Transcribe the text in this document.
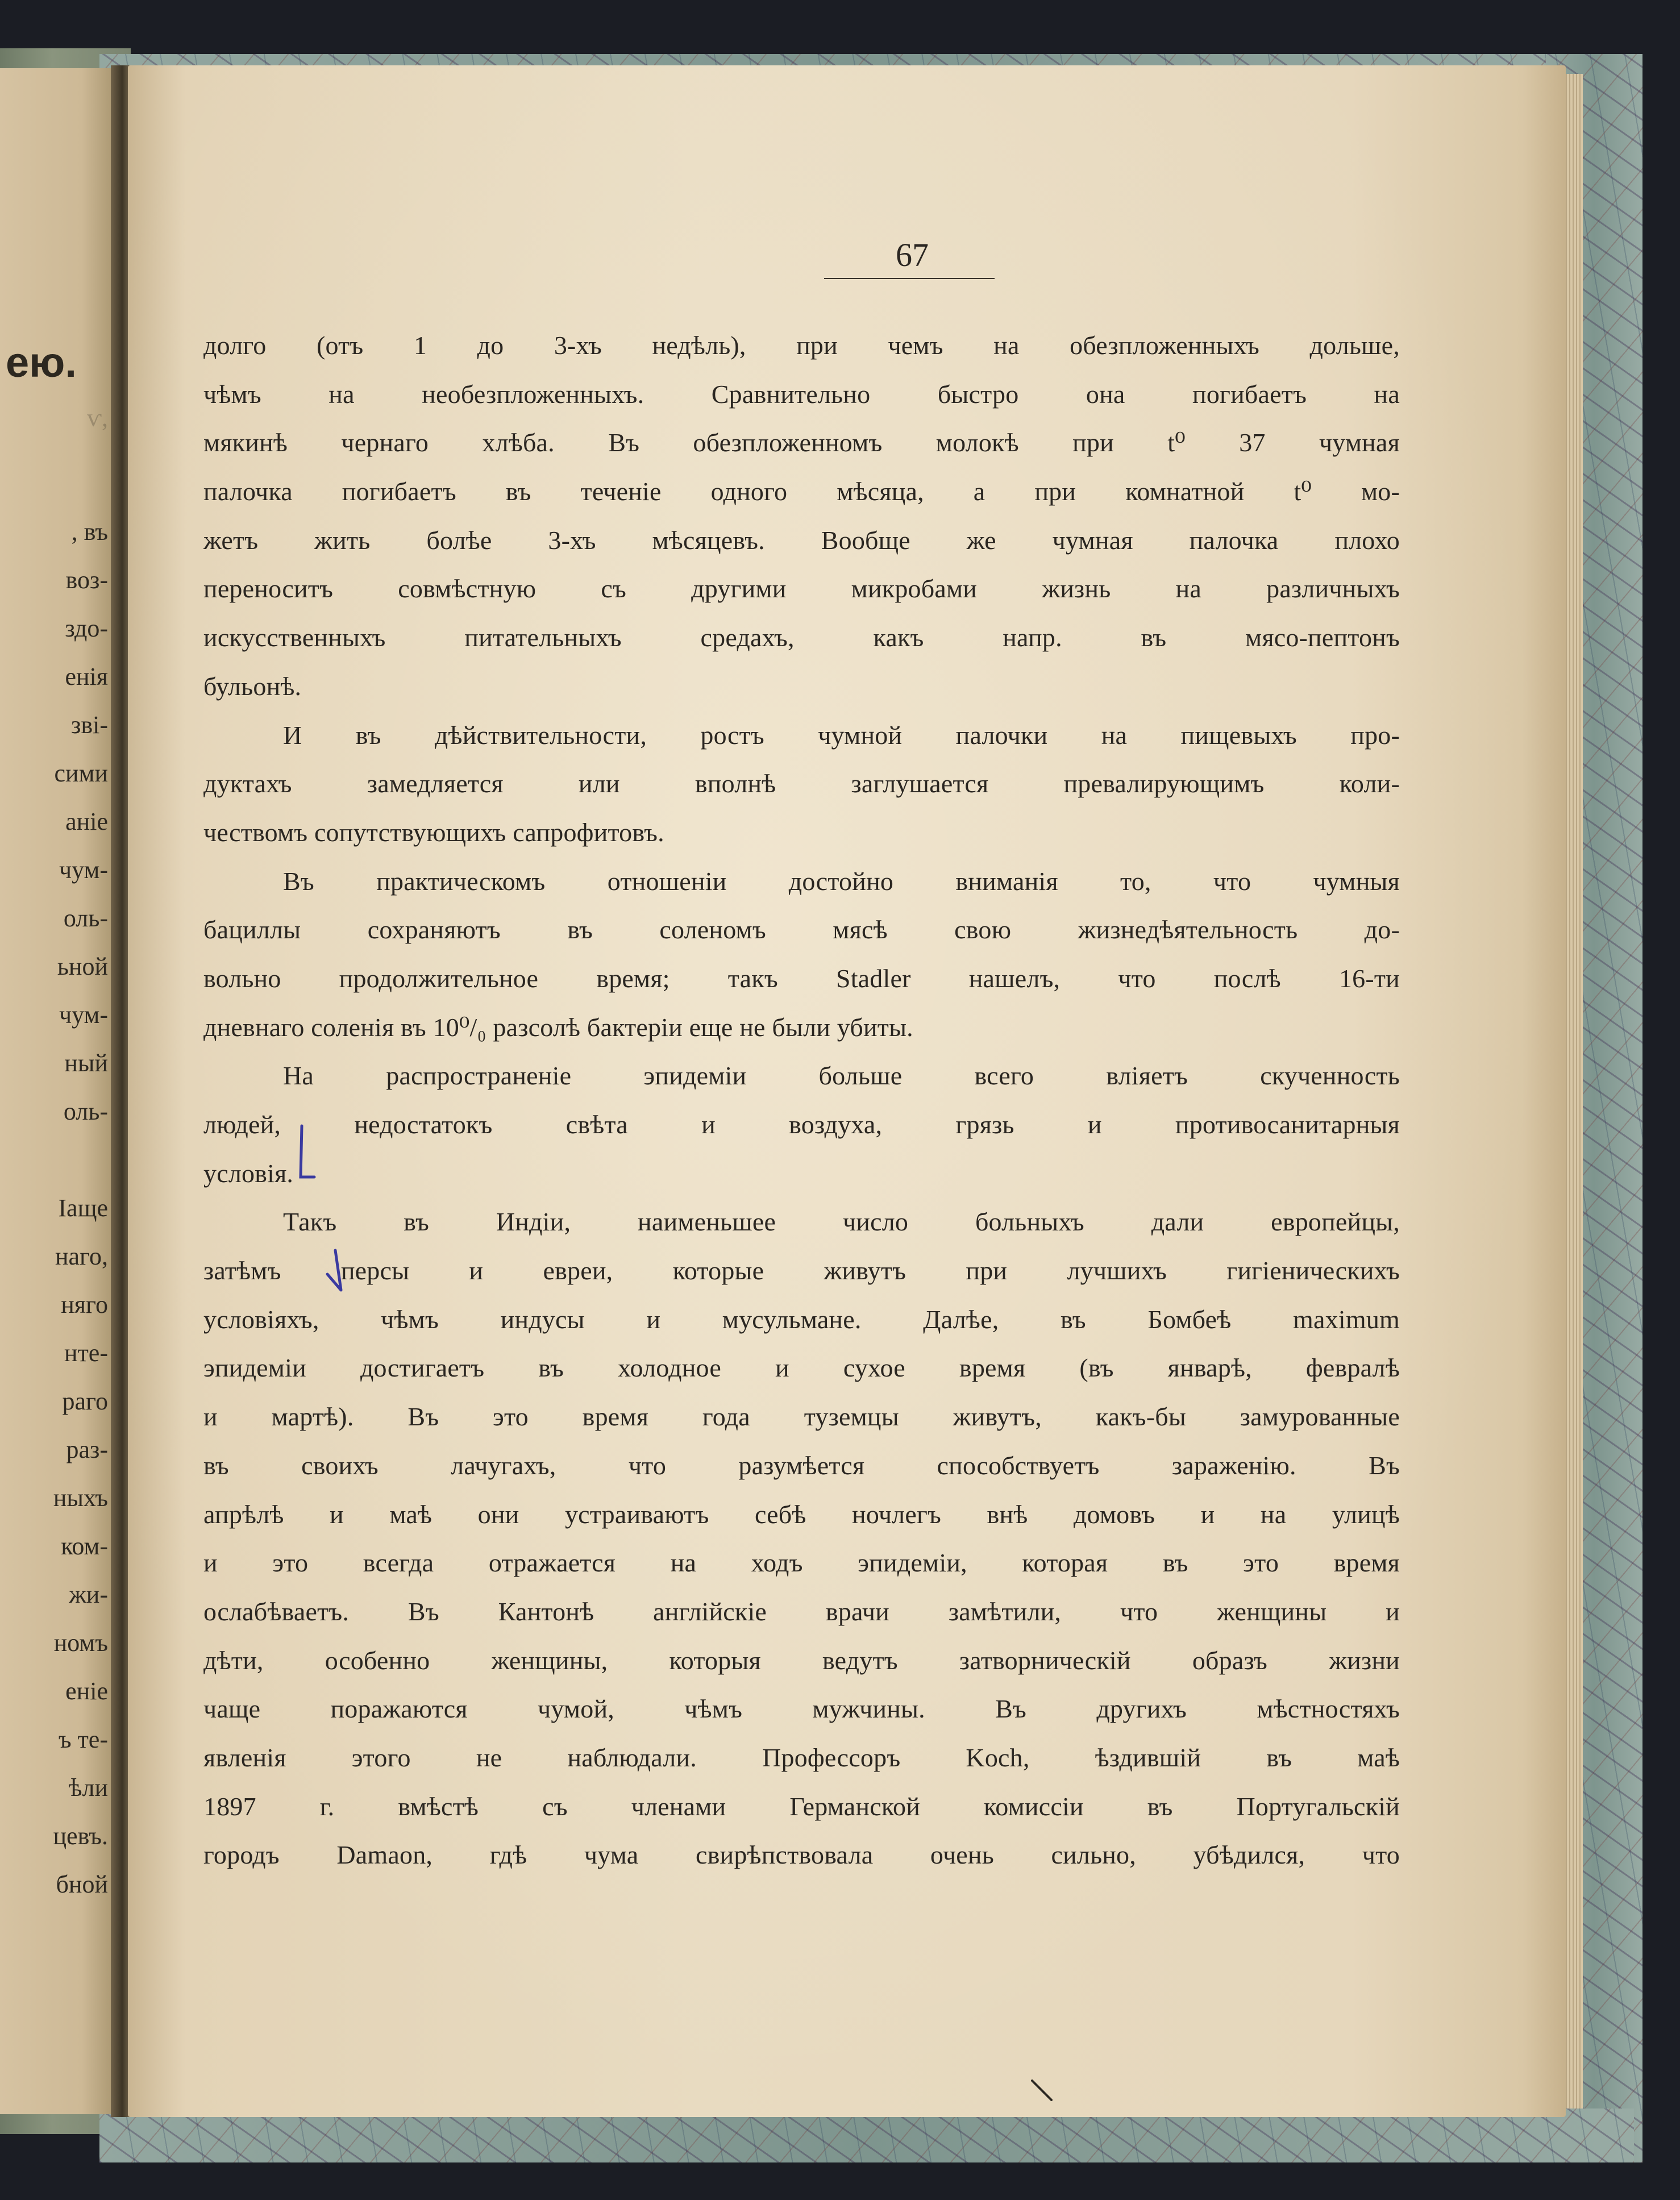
ею.
ѵ,
, въ
воз-
здо-
енія
зві-
сими
аніе
чум-
оль-
ьной
чум-
ный
оль-
Іаще
наго,
няго
нте-
раго
раз-
ныхъ
ком-
жи-
номъ
еніе
ъ те-
ѣли
цевъ.
бной
67
долго (отъ 1 до 3-хъ недѣль), при чемъ на обезпложенныхъ дольше,
чѣмъ на необезпложенныхъ. Сравнительно быстро она погибаетъ на
мякинѣ чернаго хлѣба. Въ обезпложенномъ молокѣ при t⁰ 37 чумная
палочка погибаетъ въ теченіе одного мѣсяца, а при комнатной t⁰ мо-
жетъ жить болѣе 3-хъ мѣсяцевъ. Вообще же чумная палочка плохо
переноситъ совмѣстную съ другими микробами жизнь на различныхъ
искусственныхъ питательныхъ средахъ, какъ напр. въ мясо-пептонъ
бульонѣ.
И въ дѣйствительности, ростъ чумной палочки на пищевыхъ про-
дуктахъ замедляется или вполнѣ заглушается превалирующимъ коли-
чествомъ сопутствующихъ сапрофитовъ.
Въ практическомъ отношеніи достойно вниманія то, что чумныя
бациллы сохраняютъ въ соленомъ мясѣ свою жизнедѣятельность до-
вольно продолжительное время; такъ Stadler нашелъ, что послѣ 16-ти
дневнаго соленія въ 10⁰/₀ разсолѣ бактеріи еще не были убиты.
На распространеніе эпидеміи больше всего вліяетъ скученность
людей, недостатокъ свѣта и воздуха, грязь и противосанитарныя
условія.
Такъ въ Индіи, наименьшее число больныхъ дали европейцы,
затѣмъ персы и евреи, которые живутъ при лучшихъ гигіеническихъ
условіяхъ, чѣмъ индусы и мусульмане. Далѣе, въ Бомбеѣ maximum
эпидеміи достигаетъ въ холодное и сухое время (въ январѣ, февралѣ
и мартѣ). Въ это время года туземцы живутъ, какъ-бы замурованные
въ своихъ лачугахъ, что разумѣется способствуетъ зараженію. Въ
апрѣлѣ и маѣ они устраиваютъ себѣ ночлегъ внѣ домовъ и на улицѣ
и это всегда отражается на ходъ эпидеміи, которая въ это время
ослабѣваетъ. Въ Кантонѣ англійскіе врачи замѣтили, что женщины и
дѣти, особенно женщины, которыя ведутъ затворническій образъ жизни
чаще поражаются чумой, чѣмъ мужчины. Въ другихъ мѣстностяхъ
явленія этого не наблюдали. Профессоръ Koch, ѣздившій въ маѣ
1897 г. вмѣстѣ съ членами Германской комиссіи въ Португальскій
городъ Damaon, гдѣ чума свирѣпствовала очень сильно, убѣдился, что
